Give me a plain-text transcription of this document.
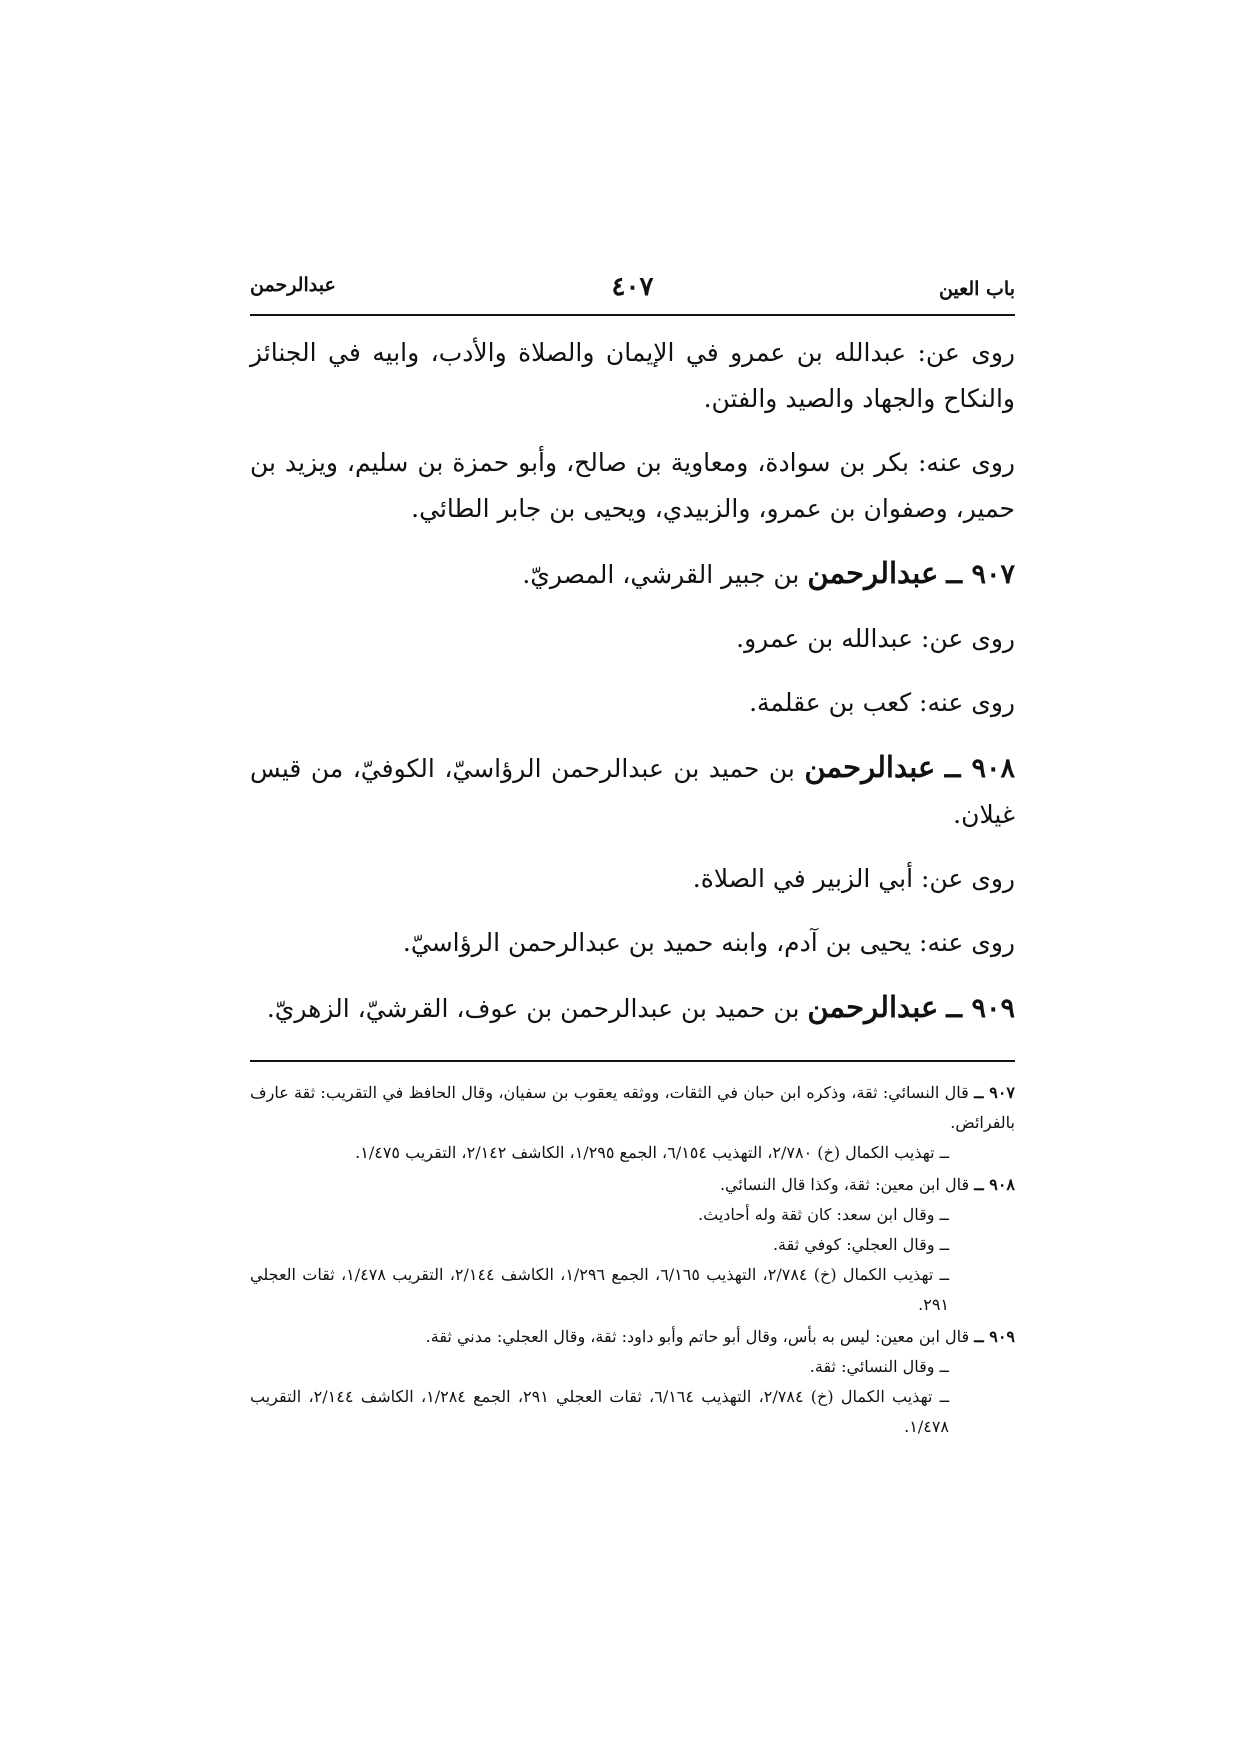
باب العين
٤٠٧
عبدالرحمن

روى عن: عبدالله بن عمرو في الإيمان والصلاة والأدب، وابيه في الجنائز والنكاح والجهاد والصيد والفتن.

روى عنه: بكر بن سوادة، ومعاوية بن صالح، وأبو حمزة بن سليم، ويزيد بن حمير، وصفوان بن عمرو، والزبيدي، ويحيى بن جابر الطائي.

٩٠٧ ــ عبدالرحمن بن جبير القرشي، المصريّ.

روى عن: عبدالله بن عمرو.

روى عنه: كعب بن عقلمة.

٩٠٨ ــ عبدالرحمن بن حميد بن عبدالرحمن الرؤاسيّ، الكوفيّ، من قيس غيلان.

روى عن: أبي الزبير في الصلاة.

روى عنه: يحيى بن آدم، وابنه حميد بن عبدالرحمن الرؤاسيّ.

٩٠٩ ــ عبدالرحمن بن حميد بن عبدالرحمن بن عوف، القرشيّ، الزهريّ.

٩٠٧ ــ قال النسائي: ثقة، وذكره ابن حبان في الثقات، ووثقه يعقوب بن سفيان، وقال الحافظ في التقريب: ثقة عارف بالفرائض.
ــ تهذيب الكمال (خ) ٢/٧٨٠، التهذيب ٦/١٥٤، الجمع ١/٢٩٥، الكاشف ٢/١٤٢، التقريب ١/٤٧٥.
٩٠٨ ــ قال ابن معين: ثقة، وكذا قال النسائي.
ــ وقال ابن سعد: كان ثقة وله أحاديث.
ــ وقال العجلي: كوفي ثقة.
ــ تهذيب الكمال (خ) ٢/٧٨٤، التهذيب ٦/١٦٥، الجمع ١/٢٩٦، الكاشف ٢/١٤٤، التقريب ١/٤٧٨، ثقات العجلي ٢٩١.
٩٠٩ ــ قال ابن معين: ليس به بأس، وقال أبو حاتم وأبو داود: ثقة، وقال العجلي: مدني ثقة.
ــ وقال النسائي: ثقة.
ــ تهذيب الكمال (خ) ٢/٧٨٤، التهذيب ٦/١٦٤، ثقات العجلي ٢٩١، الجمع ١/٢٨٤، الكاشف ٢/١٤٤، التقريب ١/٤٧٨.
